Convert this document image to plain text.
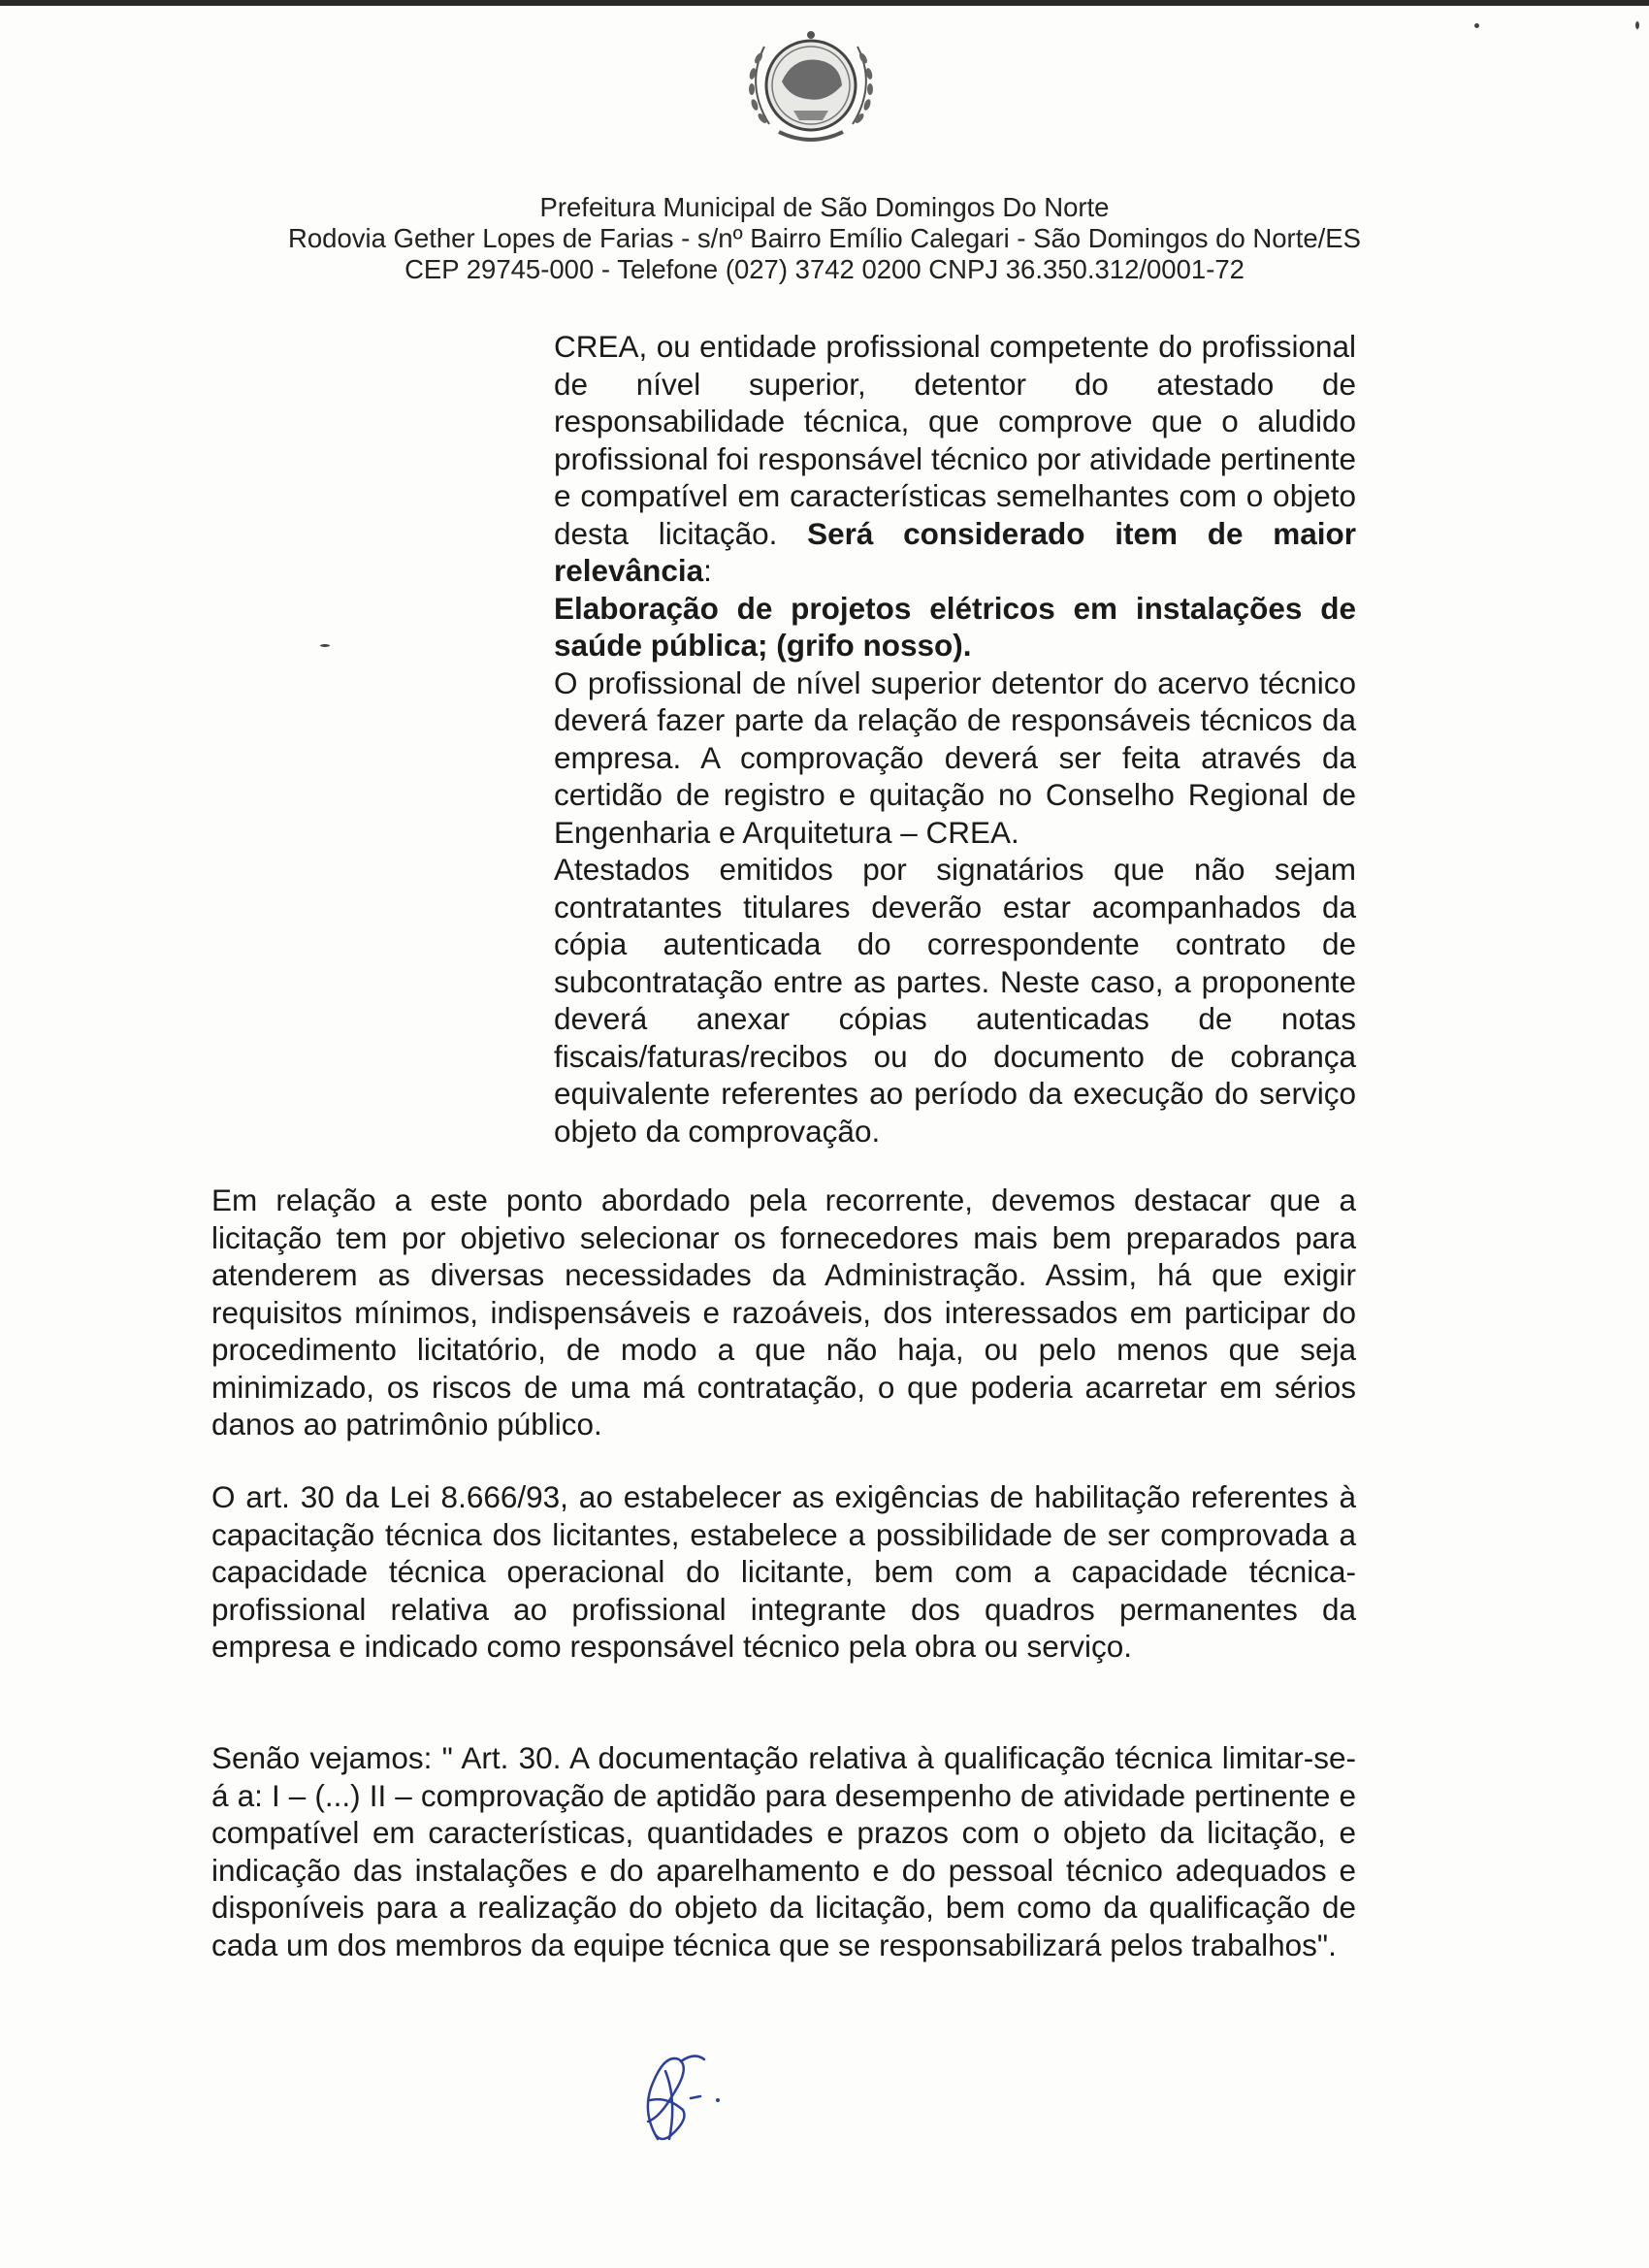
Prefeitura Municipal de São Domingos Do Norte
Rodovia Gether Lopes de Farias - s/nº Bairro Emílio Calegari - São Domingos do Norte/ES
CEP 29745-000 - Telefone (027) 3742 0200 CNPJ 36.350.312/0001-72

CREA, ou entidade profissional competente do profissional de nível superior, detentor do atestado de responsabilidade técnica, que comprove que o aludido profissional foi responsável técnico por atividade pertinente e compatível em características semelhantes com o objeto desta licitação. Será considerado item de maior relevância:

Elaboração de projetos elétricos em instalações de saúde pública; (grifo nosso).

O profissional de nível superior detentor do acervo técnico deverá fazer parte da relação de responsáveis técnicos da empresa. A comprovação deverá ser feita através da certidão de registro e quitação no Conselho Regional de Engenharia e Arquitetura – CREA.

Atestados emitidos por signatários que não sejam contratantes titulares deverão estar acompanhados da cópia autenticada do correspondente contrato de subcontratação entre as partes. Neste caso, a proponente deverá anexar cópias autenticadas de notas fiscais/faturas/recibos ou do documento de cobrança equivalente referentes ao período da execução do serviço objeto da comprovação.

Em relação a este ponto abordado pela recorrente, devemos destacar que a licitação tem por objetivo selecionar os fornecedores mais bem preparados para atenderem as diversas necessidades da Administração. Assim, há que exigir requisitos mínimos, indispensáveis e razoáveis, dos interessados em participar do procedimento licitatório, de modo a que não haja, ou pelo menos que seja minimizado, os riscos de uma má contratação, o que poderia acarretar em sérios danos ao patrimônio público.

O art. 30 da Lei 8.666/93, ao estabelecer as exigências de habilitação referentes à capacitação técnica dos licitantes, estabelece a possibilidade de ser comprovada a capacidade técnica operacional do licitante, bem com a capacidade técnica-profissional relativa ao profissional integrante dos quadros permanentes da empresa e indicado como responsável técnico pela obra ou serviço.

Senão vejamos: " Art. 30. A documentação relativa à qualificação técnica limitar-se-á a: I – (...) II – comprovação de aptidão para desempenho de atividade pertinente e compatível em características, quantidades e prazos com o objeto da licitação, e indicação das instalações e do aparelhamento e do pessoal técnico adequados e disponíveis para a realização do objeto da licitação, bem como da qualificação de cada um dos membros da equipe técnica que se responsabilizará pelos trabalhos".
